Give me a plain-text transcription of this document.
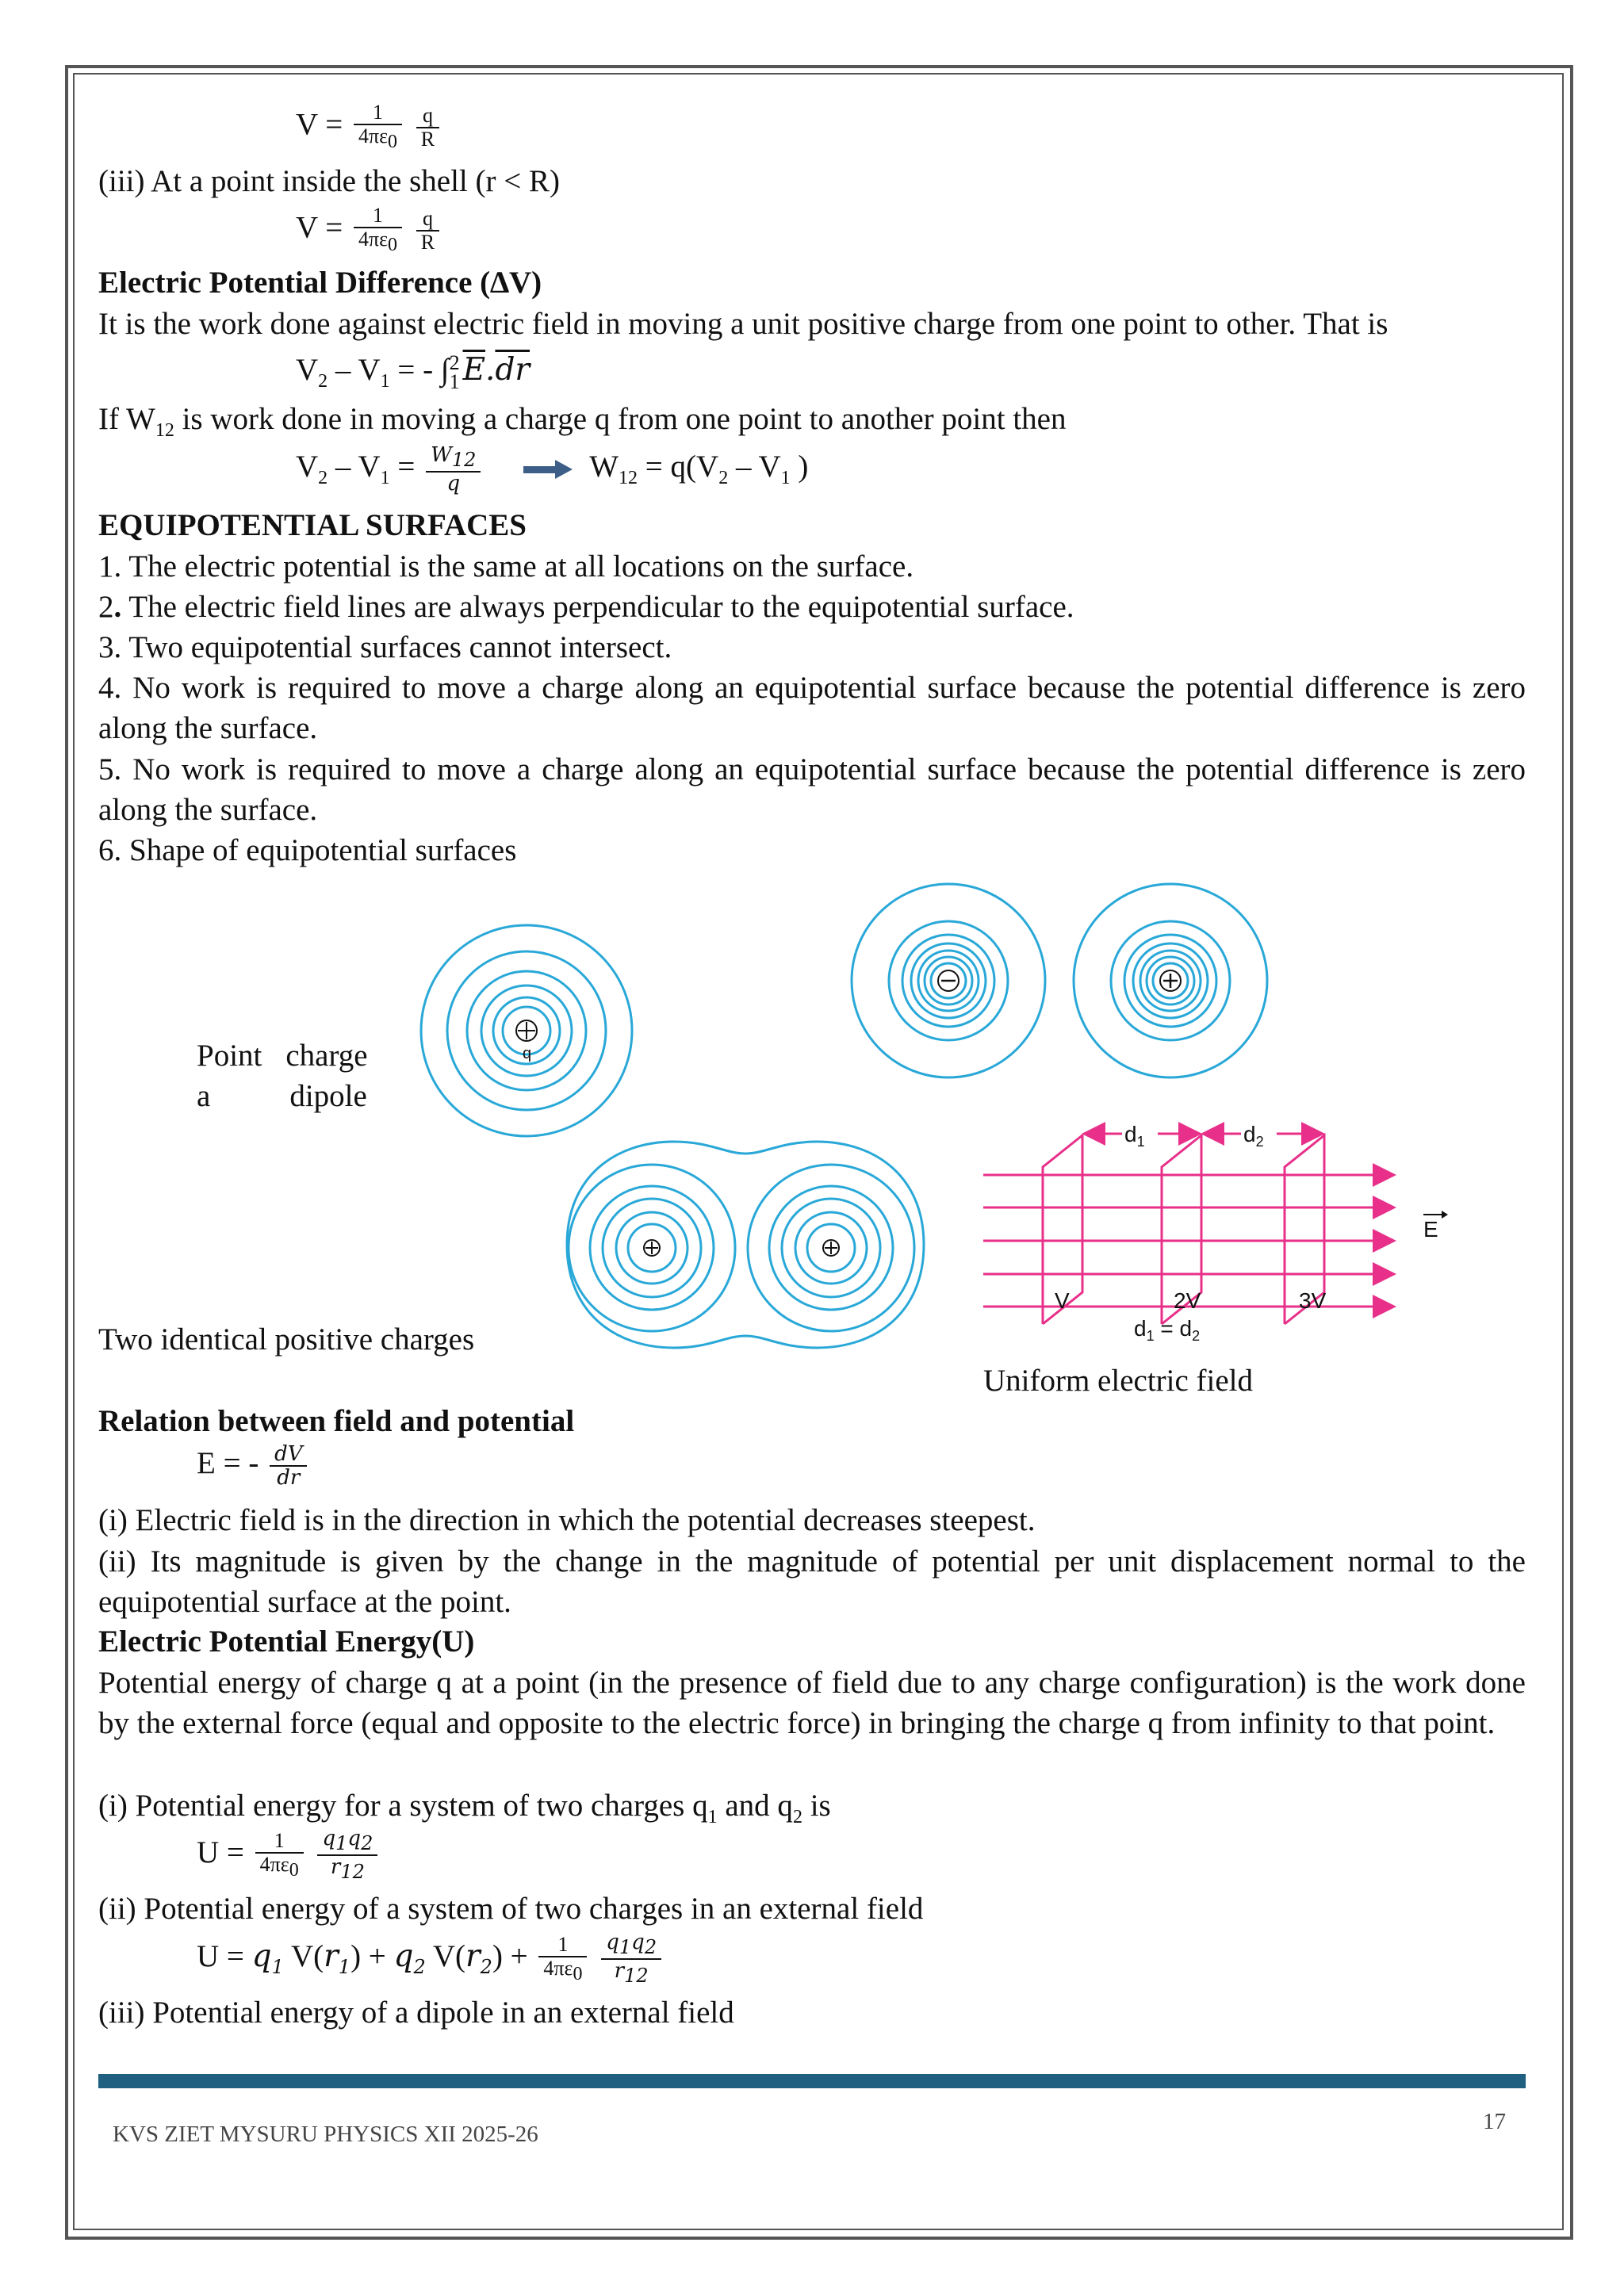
$V = \frac{1}{4\pi\varepsilon_0}$
$\frac{q}{R}$
(iii) At a point inside the shell (r < R)
$V = \frac{1}{4\pi\varepsilon_0}$
$\frac{q}{R}$
Electric Potential Difference (∆V)
It is the work done against electric field in moving a unit positive charge from one point to other. That is
$V_2 - V_1$ = - ∫ 2
1 $\overline{E}.\overline{dr}$
If $W_{12}$ is work done in moving a charge q from one point to another point then
$V_2 - V_1 = \frac{W_{12}}{q}$	$W_{12} = q(V_2 - V_1$ )
EQUIPOTENTIAL SURFACES
1. The electric potential is the same at all locations on the surface.
2. The electric field lines are always perpendicular to the equipotential surface.
3. Two equipotential surfaces cannot intersect.
4. No work is required to move a charge along an equipotential surface because the potential difference is zero along the surface.
5. No work is required to move a charge along an equipotential surface because the potential difference is zero along the surface.
6. Shape of equipotential surfaces
q
Point charge
a	dipole
$d_1$	$d_2$
V	2V	3V
$d_1 = d_2$
E
Two identical positive charges
Uniform electric field
Relation between field and potential
E = - $\frac{dV}{dr}$
(i) Electric field is in the direction in which the potential decreases steepest.
(ii) Its magnitude is given by the change in the magnitude of potential per unit displacement normal to the equipotential surface at the point.
Electric Potential Energy(U)
Potential energy of charge q at a point (in the presence of field due to any charge configuration) is the work done by the external force (equal and opposite to the electric force) in bringing the charge q from infinity to that point.
(i) Potential energy for a system of two charges $q_1$ and $q_2$ is
$U = \frac{1}{4\pi\varepsilon_0}$
$\frac{q_1q_2}{r_{12}}$
(ii) Potential energy of a system of two charges in an external field
$U = q_1$ $V(r_1) + q_2$ $V(r_2) + \frac{1}{4\pi\varepsilon_0}$
$\frac{q_1q_2}{r_{12}}$
(iii) Potential energy of a dipole in an external field
KVS ZIET MYSURU PHYSICS XII 2025-26	17
